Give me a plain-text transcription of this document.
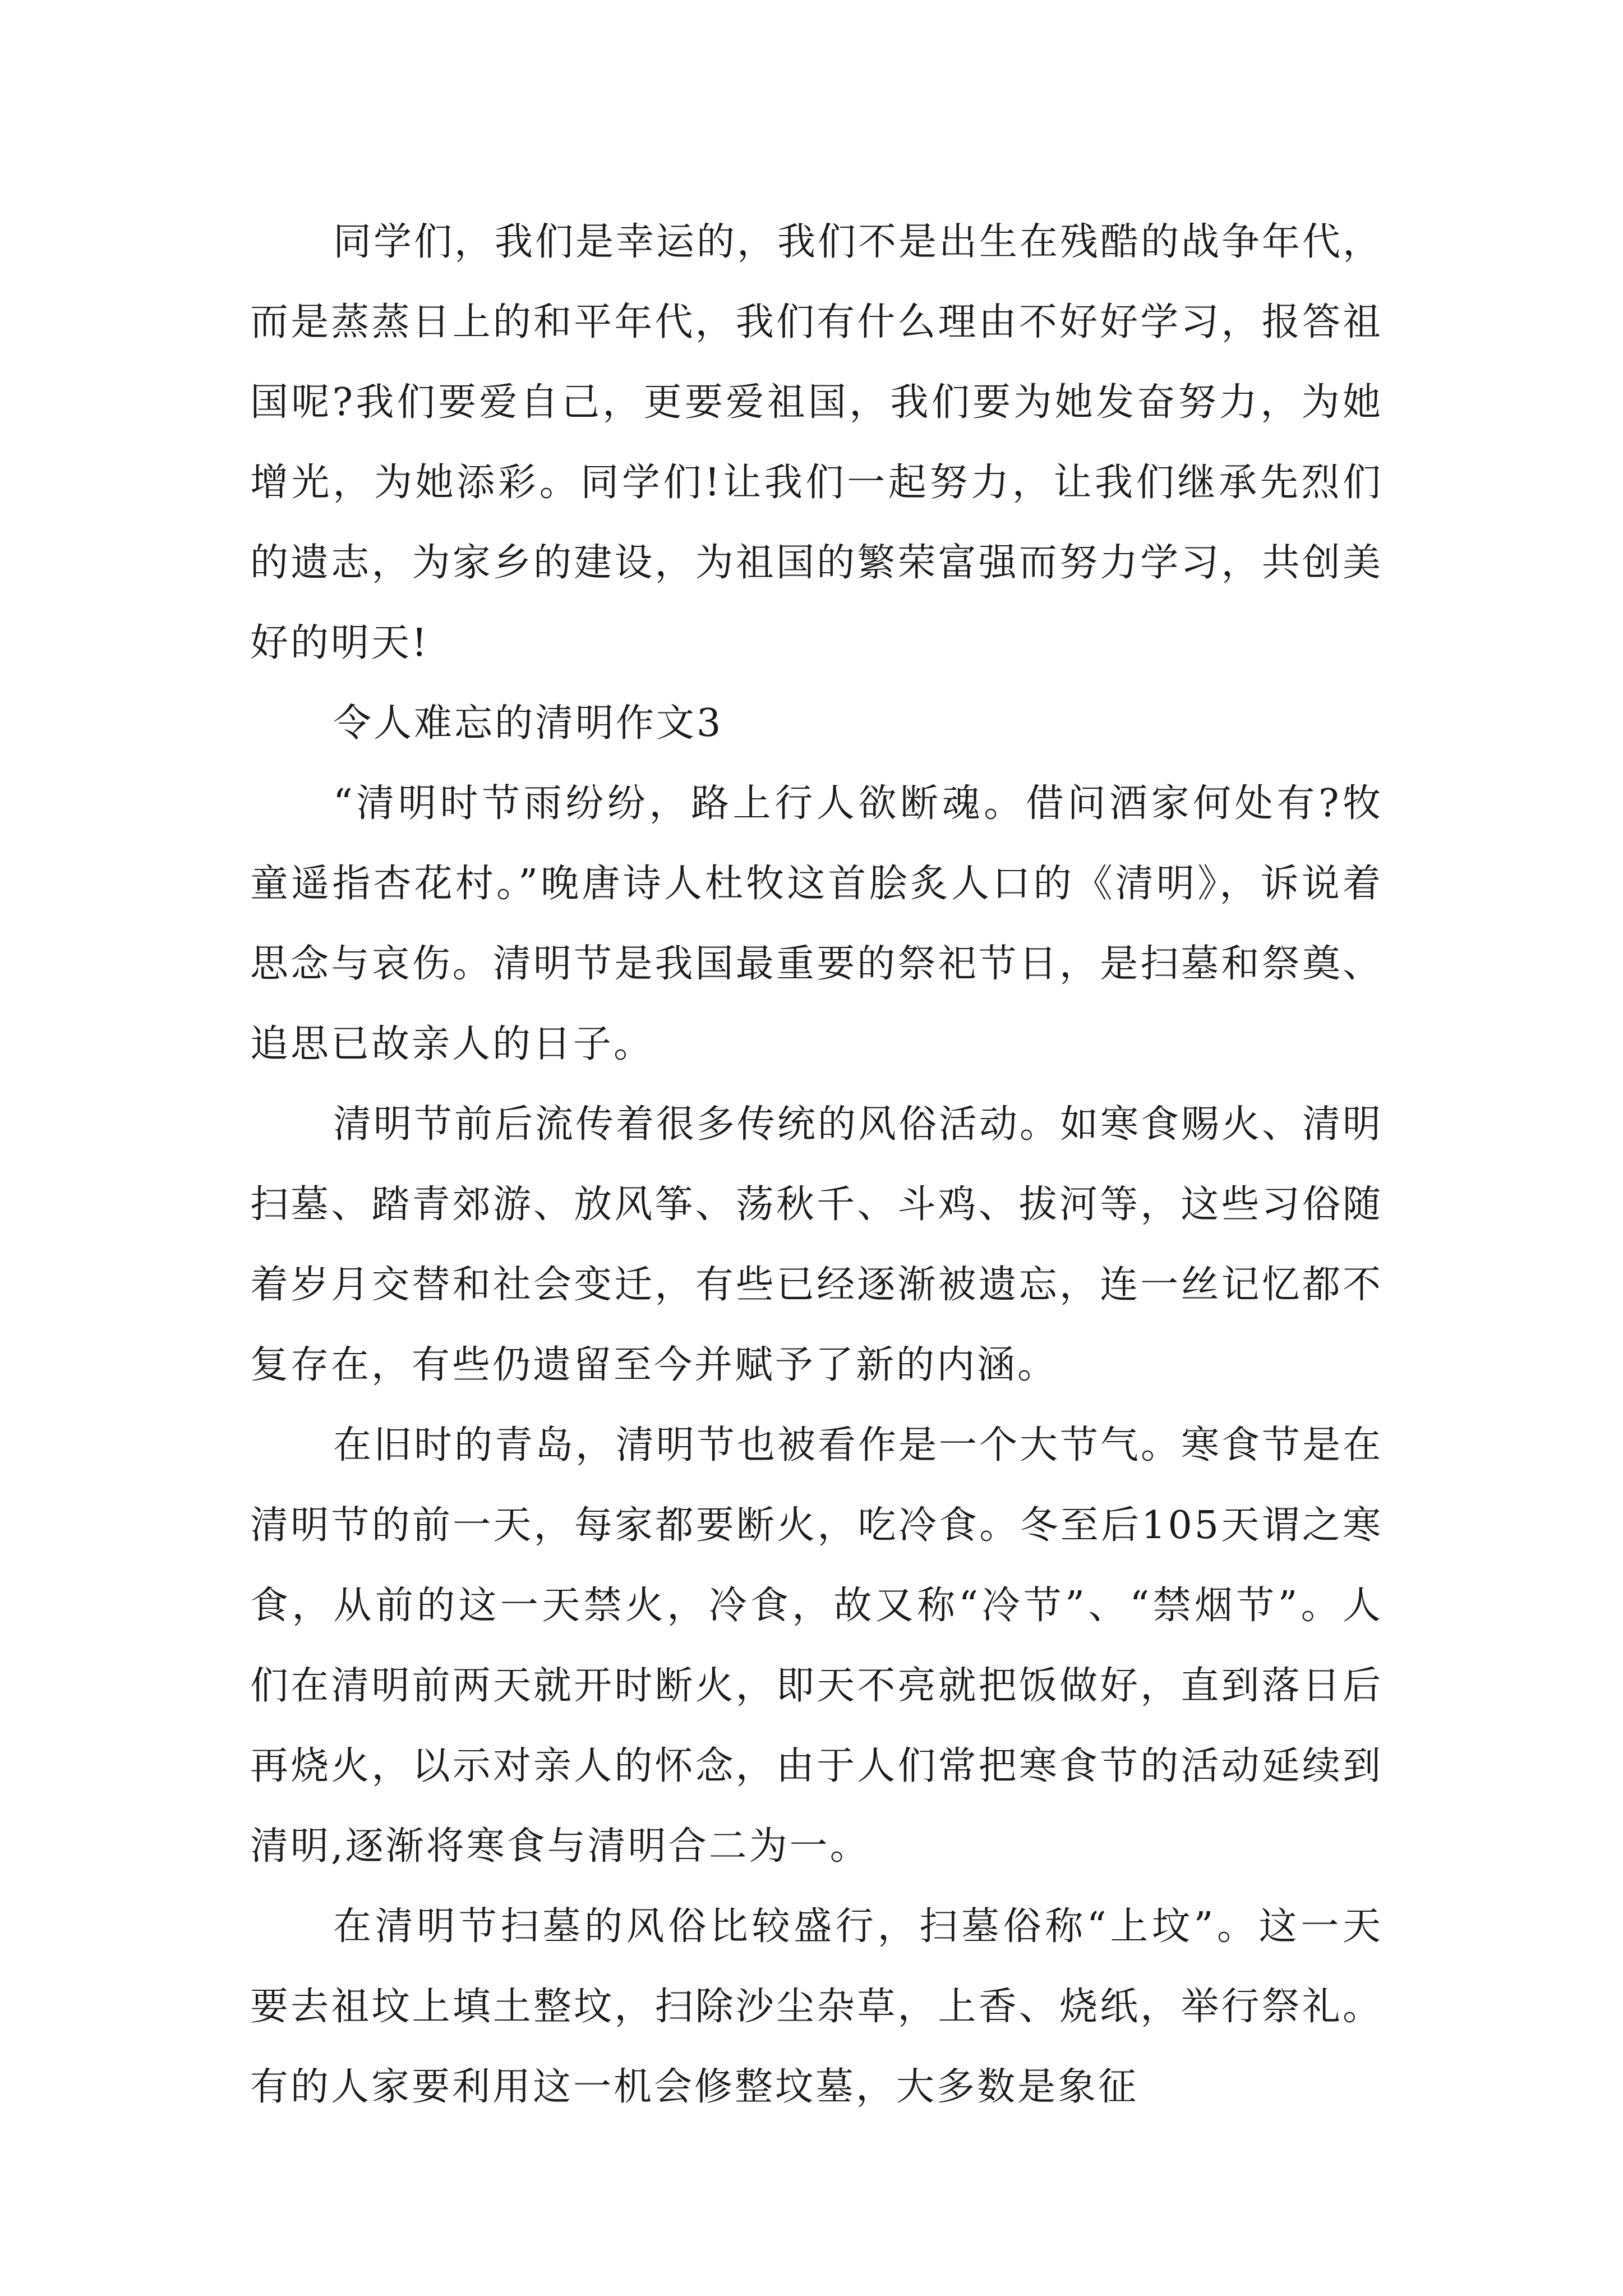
同学们，我们是幸运的，我们不是出生在残酷的战争年代，而是蒸蒸日上的和平年代，我们有什么理由不好好学习，报答祖国呢?我们要爱自己，更要爱祖国，我们要为她发奋努力，为她增光，为她添彩。同学们!让我们一起努力，让我们继承先烈们的遗志，为家乡的建设，为祖国的繁荣富强而努力学习，共创美好的明天!

令人难忘的清明作文3

“清明时节雨纷纷，路上行人欲断魂。借问酒家何处有?牧童遥指杏花村。”晚唐诗人杜牧这首脍炙人口的《清明》，诉说着思念与哀伤。清明节是我国最重要的祭祀节日，是扫墓和祭奠、追思已故亲人的日子。

清明节前后流传着很多传统的风俗活动。如寒食赐火、清明扫墓、踏青郊游、放风筝、荡秋千、斗鸡、拔河等，这些习俗随着岁月交替和社会变迁，有些已经逐渐被遗忘，连一丝记忆都不复存在，有些仍遗留至今并赋予了新的内涵。

在旧时的青岛，清明节也被看作是一个大节气。寒食节是在清明节的前一天，每家都要断火，吃冷食。冬至后105天谓之寒食，从前的这一天禁火，冷食，故又称“冷节”、“禁烟节”。人们在清明前两天就开时断火，即天不亮就把饭做好，直到落日后再烧火，以示对亲人的怀念，由于人们常把寒食节的活动延续到清明,逐渐将寒食与清明合二为一。

在清明节扫墓的风俗比较盛行，扫墓俗称“上坟”。这一天要去祖坟上填土整坟，扫除沙尘杂草，上香、烧纸，举行祭礼。有的人家要利用这一机会修整坟墓，大多数是象征
